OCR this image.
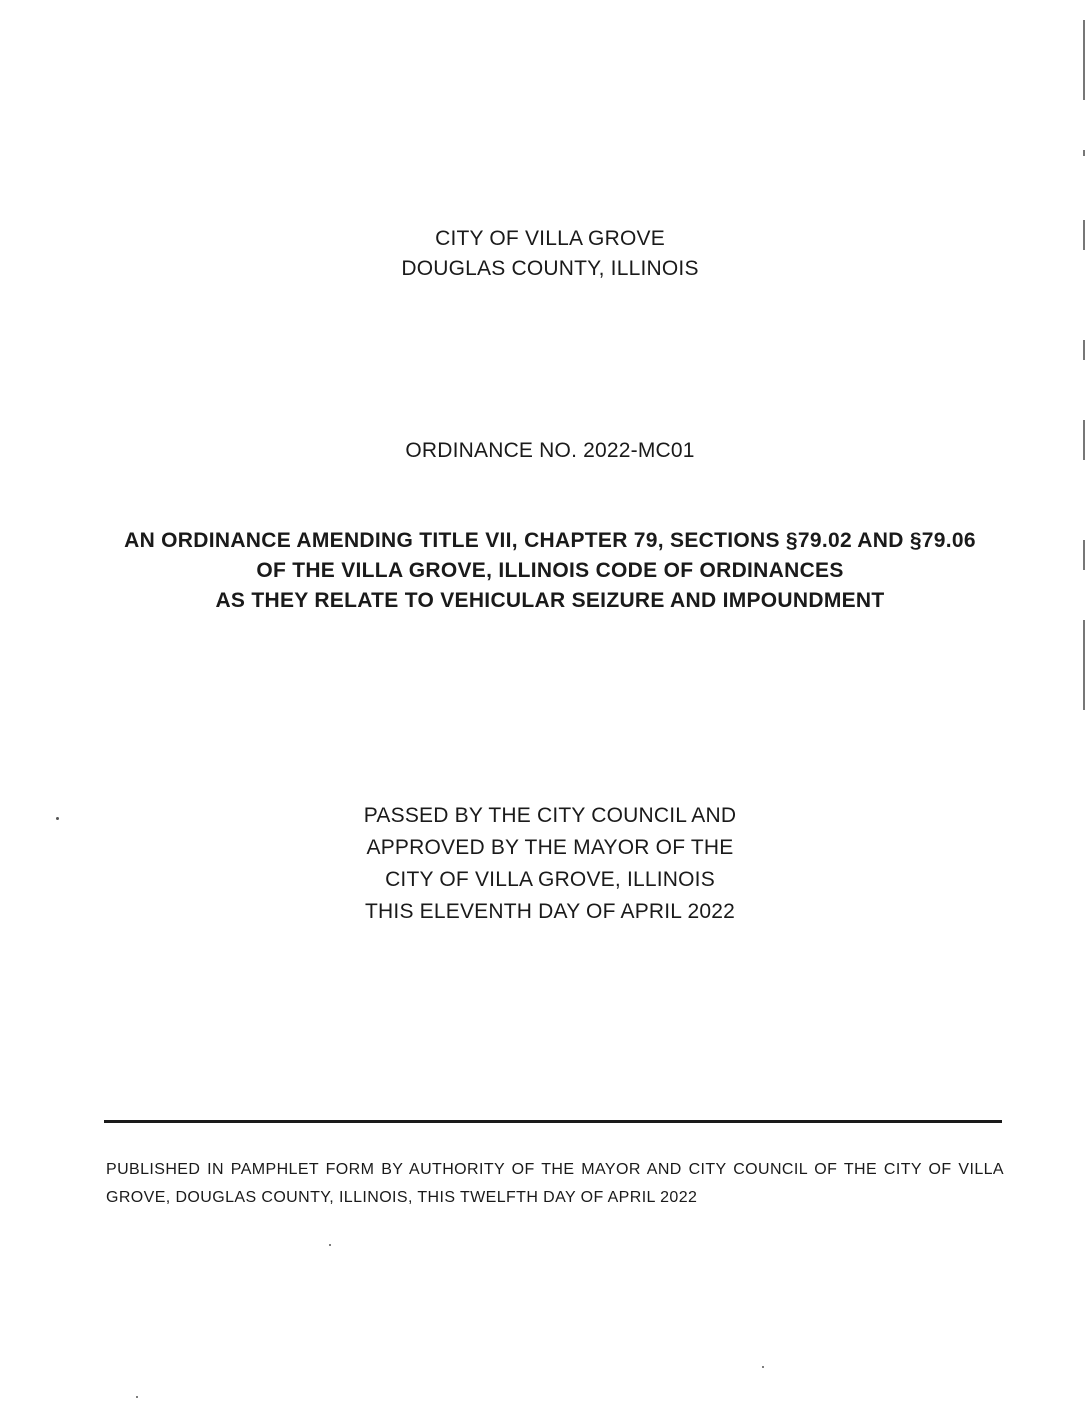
CITY OF VILLA GROVE
DOUGLAS COUNTY, ILLINOIS
ORDINANCE NO. 2022-MC01
AN ORDINANCE AMENDING TITLE VII, CHAPTER 79, SECTIONS §79.02 AND §79.06
OF THE VILLA GROVE, ILLINOIS CODE OF ORDINANCES
AS THEY RELATE TO VEHICULAR SEIZURE AND IMPOUNDMENT
PASSED BY THE CITY COUNCIL AND
APPROVED BY THE MAYOR OF THE
CITY OF VILLA GROVE, ILLINOIS
THIS ELEVENTH DAY OF APRIL 2022
PUBLISHED IN PAMPHLET FORM BY AUTHORITY OF THE MAYOR AND CITY COUNCIL OF THE CITY OF VILLA GROVE, DOUGLAS COUNTY, ILLINOIS, THIS TWELFTH DAY OF APRIL 2022
